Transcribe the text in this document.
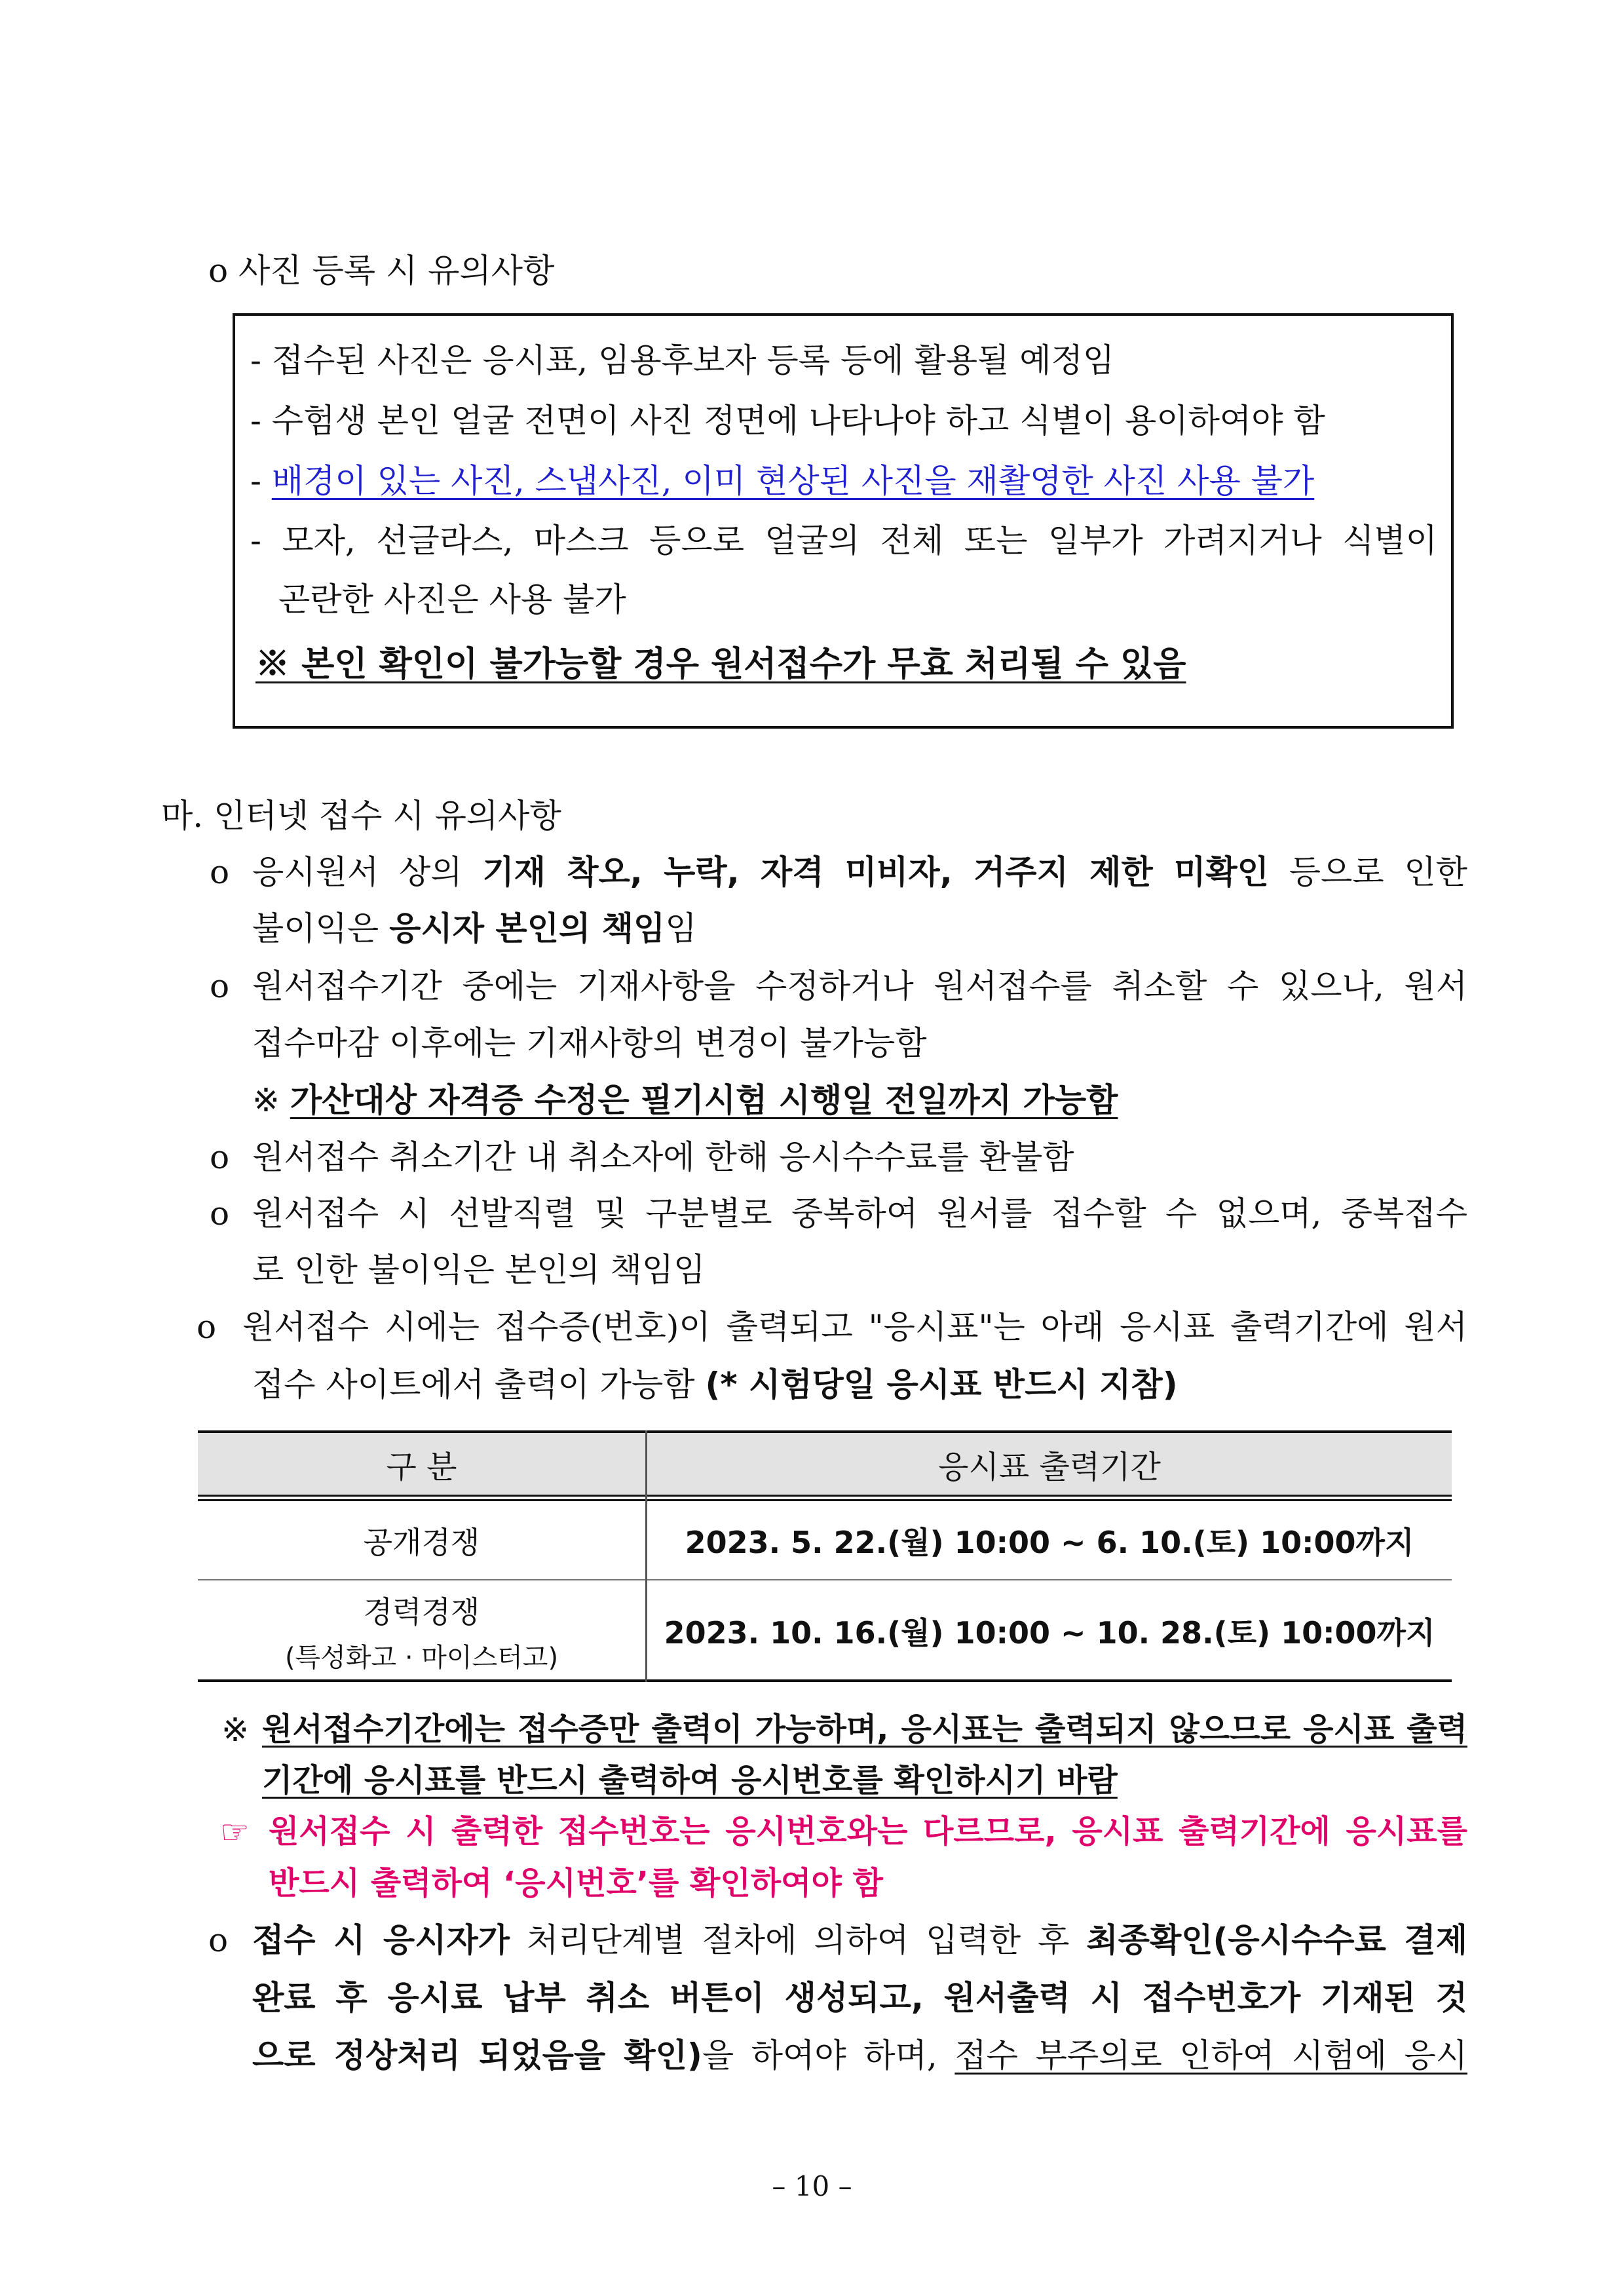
o 사진 등록 시 유의사항
- 접수된 사진은 응시표, 임용후보자 등록 등에 활용될 예정임
- 수험생 본인 얼굴 전면이 사진 정면에 나타나야 하고 식별이 용이하여야 함
- 배경이 있는 사진, 스냅사진, 이미 현상된 사진을 재촬영한 사진 사용 불가
- 모자, 선글라스, 마스크 등으로 얼굴의 전체 또는 일부가 가려지거나 식별이
곤란한 사진은 사용 불가
※ 본인 확인이 불가능할 경우 원서접수가 무효 처리될 수 있음
마. 인터넷 접수 시 유의사항
o 응시원서 상의 기재 착오, 누락, 자격 미비자, 거주지 제한 미확인 등으로 인한
불이익은 응시자 본인의 책임임
o 원서접수기간 중에는 기재사항을 수정하거나 원서접수를 취소할 수 있으나, 원서
접수마감 이후에는 기재사항의 변경이 불가능함
※ 가산대상 자격증 수정은 필기시험 시행일 전일까지 가능함
o 원서접수 취소기간 내 취소자에 한해 응시수수료를 환불함
o 원서접수 시 선발직렬 및 구분별로 중복하여 원서를 접수할 수 없으며, 중복접수
로 인한 불이익은 본인의 책임임
o 원서접수 시에는 접수증(번호)이 출력되고 "응시표"는 아래 응시표 출력기간에 원서
접수 사이트에서 출력이 가능함 (* 시험당일 응시표 반드시 지참)
구 분	응시표 출력기간
공개경쟁	2023. 5. 22.(월) 10:00 ~ 6. 10.(토) 10:00까지
경력경쟁
(특성화고 · 마이스터고)
2023. 10. 16.(월) 10:00 ~ 10. 28.(토) 10:00까지
※ 원서접수기간에는 접수증만 출력이 가능하며, 응시표는 출력되지 않으므로 응시표 출력
기간에 응시표를 반드시 출력하여 응시번호를 확인하시기 바람
☞ 원서접수 시 출력한 접수번호는 응시번호와는 다르므로, 응시표 출력기간에 응시표를
반드시 출력하여 ‘응시번호’를 확인하여야 함
o 접수 시 응시자가 처리단계별 절차에 의하여 입력한 후 최종확인(응시수수료 결제
완료 후 응시료 납부 취소 버튼이 생성되고, 원서출력 시 접수번호가 기재된 것
으로 정상처리 되었음을 확인)을 하여야 하며, 접수 부주의로 인하여 시험에 응시
– 10 –
